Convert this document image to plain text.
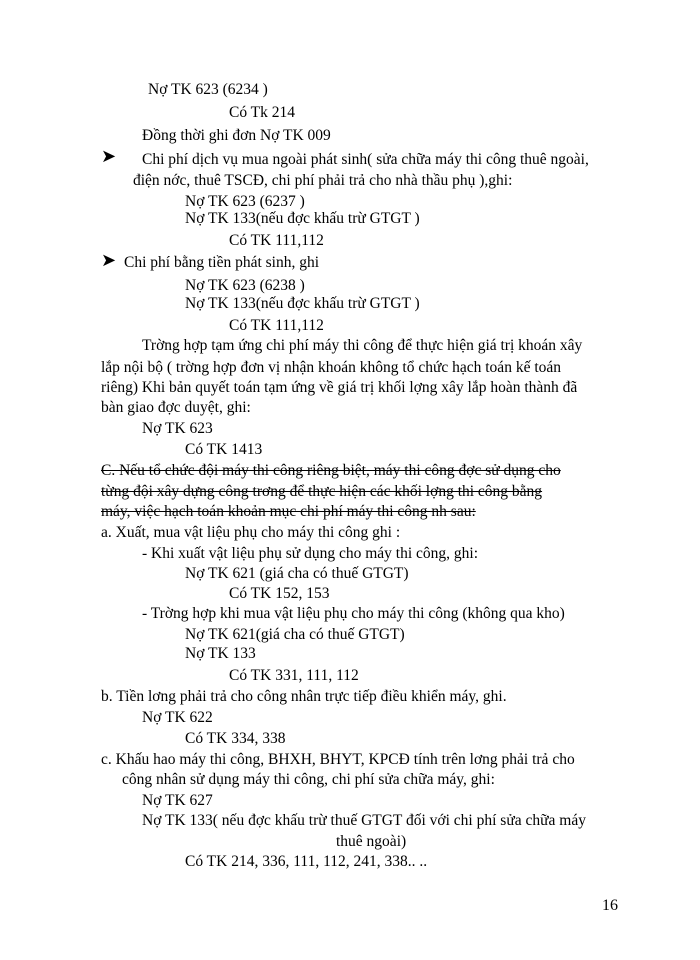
Nợ TK 623 (6234 )
Có Tk 214
Đồng thời ghi đơn Nợ TK 009
➤ Chi phí dịch vụ mua ngoài phát sinh( sửa chữa máy thi công thuê ngoài,
điện nớc, thuê TSCĐ, chi phí phải trả cho nhà thầu phụ ),ghi:
Nợ TK 623 (6237 )
Nợ TK 133(nếu đợc khấu trừ GTGT )
Có TK 111,112
➤ Chi phí bằng tiền phát sinh, ghi
Nợ TK 623 (6238 )
Nợ TK 133(nếu đợc khấu trừ GTGT )
Có TK 111,112
Trờng hợp tạm ứng chi phí máy thi công để thực hiện giá trị khoán xây
lắp nội bộ ( trờng hợp đơn vị nhận khoán không tổ chức hạch toán kế toán
riêng) Khi bản quyết toán tạm ứng về giá trị khối lợng xây lắp hoàn thành đã
bàn giao đợc duyệt, ghi:
Nợ TK 623
Có TK 1413
C. Nếu tổ chức đội máy thi công riêng biệt, máy thi công đợc sử dụng cho
từng đội xây dựng công trơng để thực hiện các khối lợng thi công bằng
máy, việc hạch toán khoản mục chi phí máy thi công nh sau:
a. Xuất, mua vật liệu phụ cho máy thi công ghi :
- Khi xuất vật liệu phụ sử dụng cho máy thi công, ghi:
Nợ TK 621 (giá cha có thuế GTGT)
Có TK 152, 153
- Trờng hợp khi mua vật liệu phụ cho máy thi công (không qua kho)
Nợ TK 621(giá cha có thuế GTGT)
Nợ TK 133
Có TK 331, 111, 112
b. Tiền lơng phải trả cho công nhân trực tiếp điều khiển máy, ghi.
Nợ TK 622
Có TK 334, 338
c. Khấu hao máy thi công, BHXH, BHYT, KPCĐ tính trên lơng phải trả cho
công nhân sử dụng máy thi công, chi phí sửa chữa máy, ghi:
Nợ TK 627
Nợ TK 133( nếu đợc khấu trừ thuế GTGT đối với chi phí sửa chữa máy
thuê ngoài)
Có TK 214, 336, 111, 112, 241, 338.. ..
16
